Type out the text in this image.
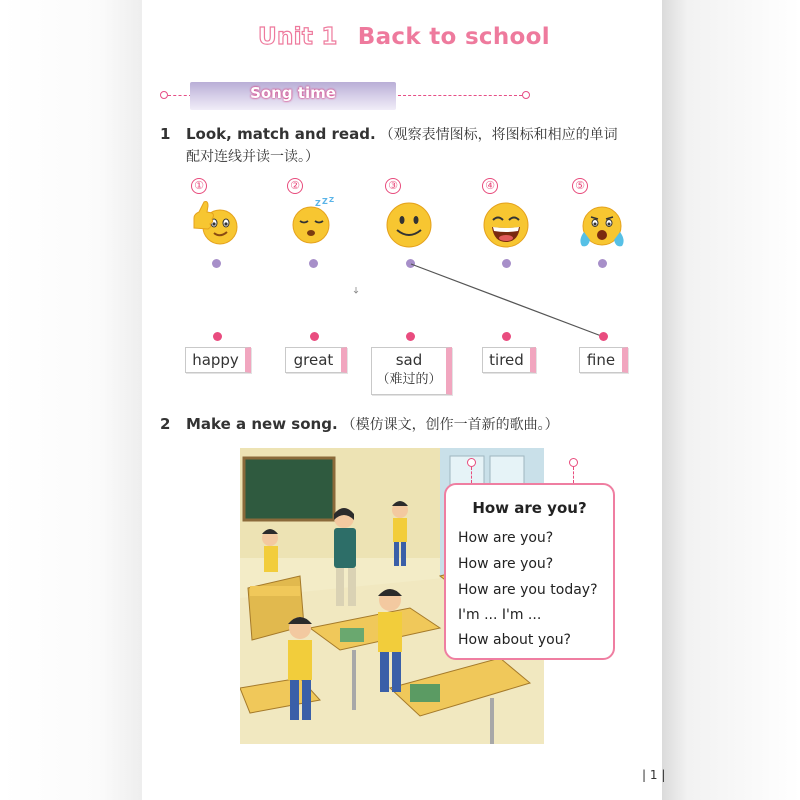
Unit 1 Back to school
Song time
1 Look, match and read. （观察表情图标，将图标和相应的单词
配对连线并读一读。）
①	②	③	④	⑤
Z Z Z
happy	great	sad
（难过的）
tired	fine
2 Make a new song. （模仿课文，创作一首新的歌曲。）
How are you?
How are you?
How are you?
How are you today?
I'm ... I'm ...
How about you?
| 1 |
